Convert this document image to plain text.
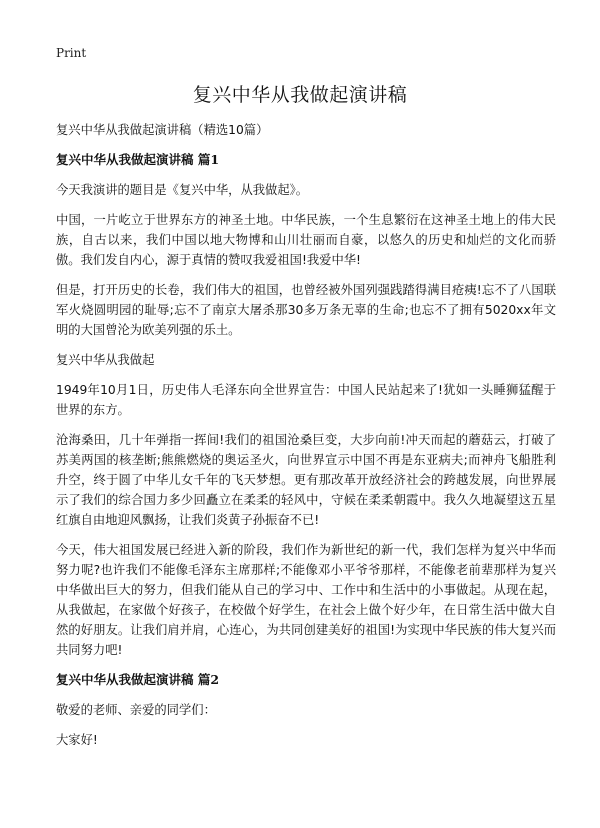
Print
复兴中华从我做起演讲稿

复兴中华从我做起演讲稿（精选10篇）

复兴中华从我做起演讲稿 篇1

今天我演讲的题目是《复兴中华，从我做起》。

中国，一片屹立于世界东方的神圣土地。中华民族，一个生息繁衍在这神圣土地上的伟大民族，自古以来，我们中国以地大物博和山川壮丽而自豪，以悠久的历史和灿烂的文化而骄傲。我们发自内心，源于真情的赞叹我爱祖国!我爱中华!

但是，打开历史的长卷，我们伟大的祖国，也曾经被外国列强践踏得满目疮痍!忘不了八国联军火烧圆明园的耻辱;忘不了南京大屠杀那30多万条无辜的生命;也忘不了拥有5020xx年文明的大国曾沦为欧美列强的乐土。

复兴中华从我做起

1949年10月1日，历史伟人毛泽东向全世界宣告：中国人民站起来了!犹如一头睡狮猛醒于世界的东方。

沧海桑田，几十年弹指一挥间!我们的祖国沧桑巨变，大步向前!冲天而起的蘑菇云，打破了苏美两国的核垄断;熊熊燃烧的奥运圣火，向世界宣示中国不再是东亚病夫;而神舟飞船胜利升空，终于圆了中华儿女千年的飞天梦想。更有那改革开放经济社会的跨越发展，向世界展示了我们的综合国力多少回矗立在柔柔的轻风中，守候在柔柔朝霞中。我久久地凝望这五星红旗自由地迎风飘扬，让我们炎黄子孙振奋不已!

今天，伟大祖国发展已经进入新的阶段，我们作为新世纪的新一代，我们怎样为复兴中华而努力呢?也许我们不能像毛泽东主席那样;不能像邓小平爷爷那样，不能像老前辈那样为复兴中华做出巨大的努力，但我们能从自己的学习中、工作中和生活中的小事做起。从现在起，从我做起，在家做个好孩子，在校做个好学生，在社会上做个好少年，在日常生活中做大自然的好朋友。让我们肩并肩，心连心，为共同创建美好的祖国!为实现中华民族的伟大复兴而共同努力吧!

复兴中华从我做起演讲稿 篇2

敬爱的老师、亲爱的同学们：

大家好!
